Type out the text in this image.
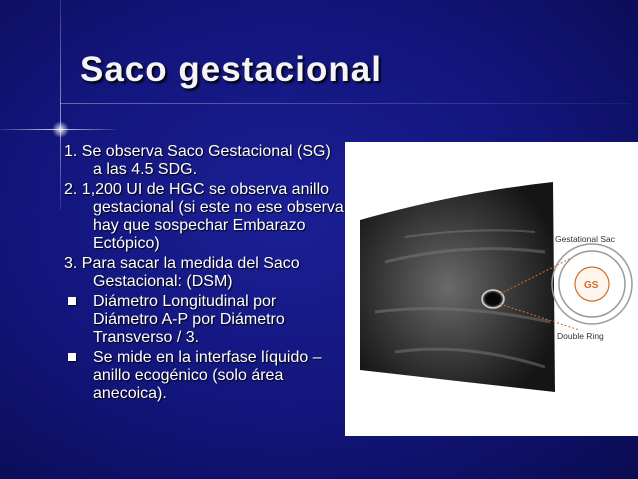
Saco gestacional

1. Se observa Saco Gestacional (SG) a las 4.5 SDG.

2. 1,200 UI de HGC se observa anillo gestacional (si este no ese observa hay que sospechar Embarazo Ectópico)

3. Para sacar la medida del Saco Gestacional: (DSM)

Diámetro Longitudinal por Diámetro A-P por Diámetro Transverso / 3.
Se mide en la interfase líquido – anillo ecogénico (solo área anecoica).
Gestational Sac
GS
Double Ring
